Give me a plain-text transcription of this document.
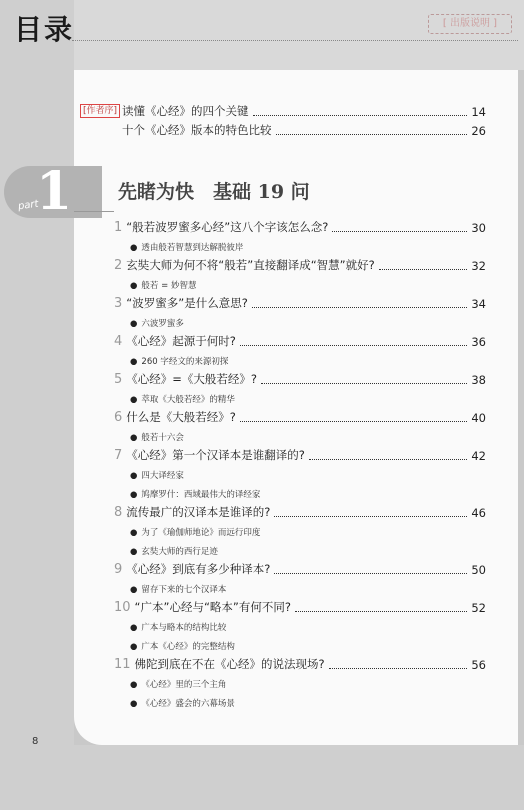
目录	[ 出版说明 ]
[作者序] 读懂《心经》的四个关键	14
十个《心经》版本的特色比较	26
part
1 先睹为快　基础 19 问
1 “般若波罗蜜多心经”这八个字该怎么念?	30
● 透由般若智慧到达解脱彼岸
2 玄奘大师为何不将“般若”直接翻译成“智慧”就好?	32
● 般若 = 妙智慧
3 “波罗蜜多”是什么意思?	34
● 六波罗蜜多
4 《心经》起源于何时?	36
● 260 字经文的来源初探
5 《心经》=《大般若经》?	38
● 萃取《大般若经》的精华
6 什么是《大般若经》?	40
● 般若十六会
7 《心经》第一个汉译本是谁翻译的?	42
● 四大译经家
● 鸠摩罗什：西域最伟大的译经家
8 流传最广的汉译本是谁译的?	46
● 为了《瑜伽师地论》而远行印度
● 玄奘大师的西行足迹
9 《心经》到底有多少种译本?	50
● 留存下来的七个汉译本
10 “广本”心经与“略本”有何不同?	52
● 广本与略本的结构比较
● 广本《心经》的完整结构
11 佛陀到底在不在《心经》的说法现场?	56
● 《心经》里的三个主角
● 《心经》盛会的六幕场景
8
